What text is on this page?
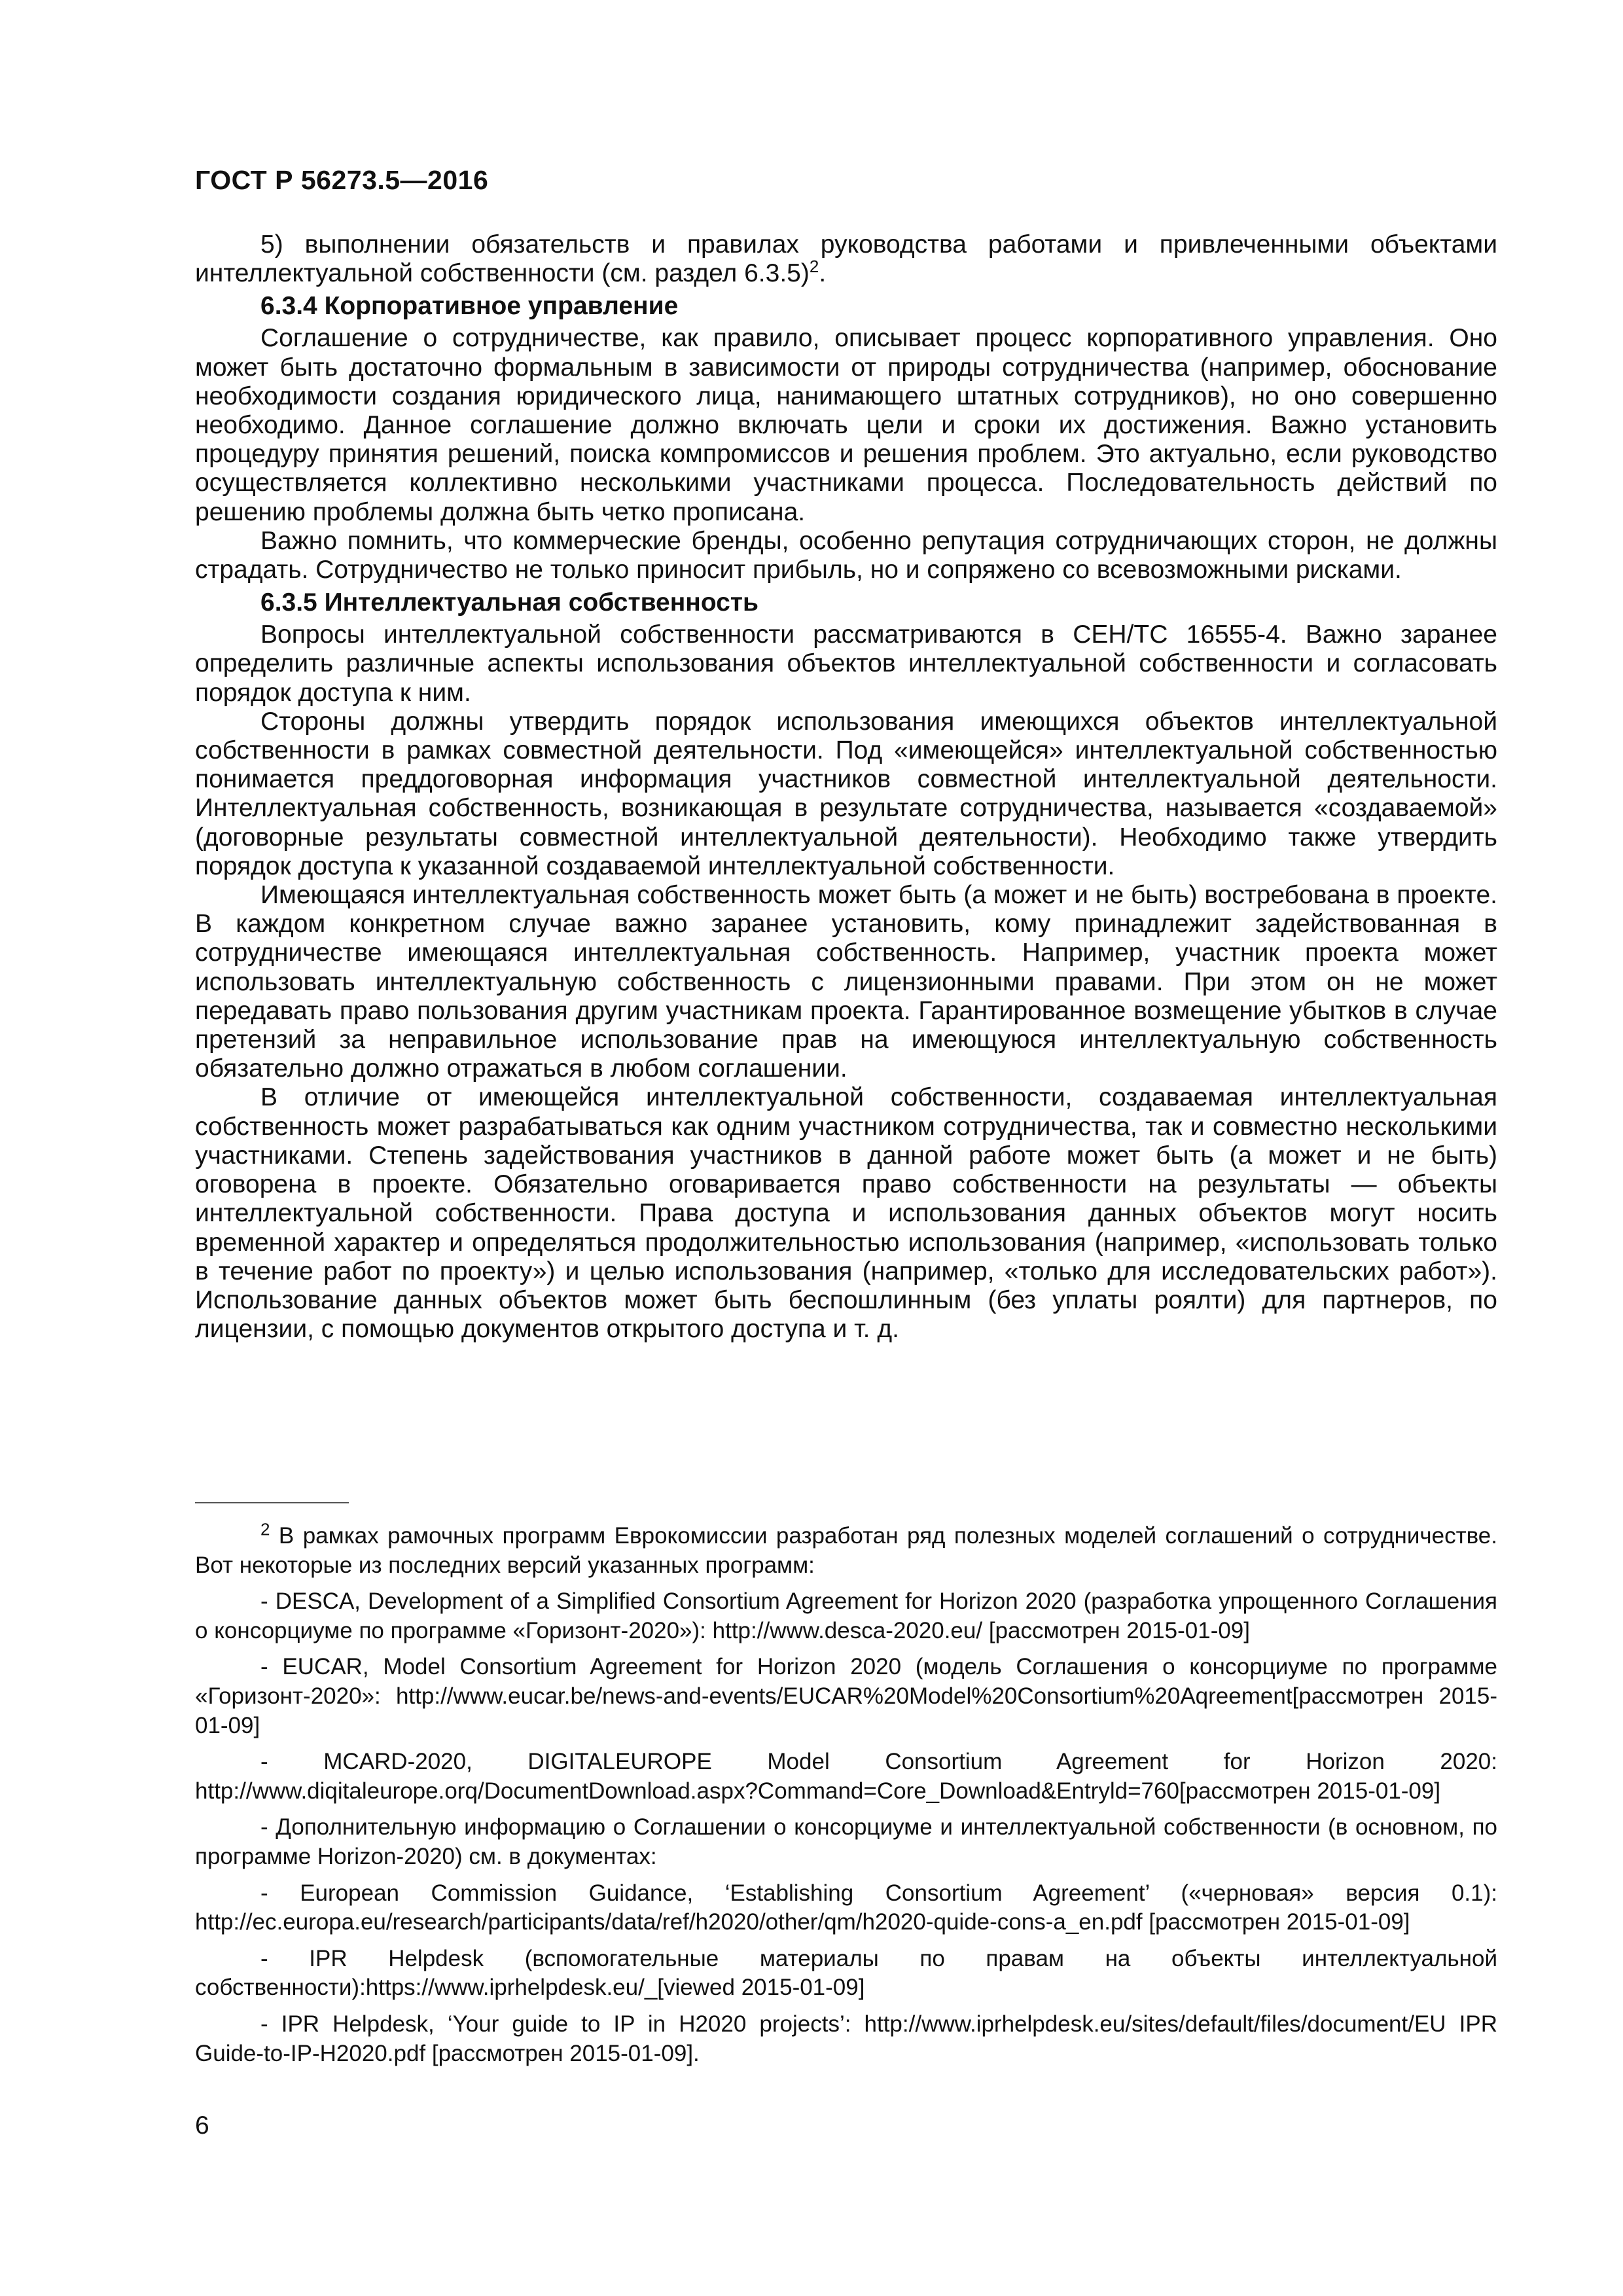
ГОСТ Р 56273.5—2016

5) выполнении обязательств и правилах руководства работами и привлеченными объектами интеллектуальной собственности (см. раздел 6.3.5)$^2$.

6.3.4 Корпоративное управление

Соглашение о сотрудничестве, как правило, описывает процесс корпоративного управления. Оно может быть достаточно формальным в зависимости от природы сотрудничества (например, обоснование необходимости создания юридического лица, нанимающего штатных сотрудников), но оно совершенно необходимо. Данное соглашение должно включать цели и сроки их достижения. Важно установить процедуру принятия решений, поиска компромиссов и решения проблем. Это актуально, если руководство осуществляется коллективно несколькими участниками процесса. Последовательность действий по решению проблемы должна быть четко прописана.

Важно помнить, что коммерческие бренды, особенно репутация сотрудничающих сторон, не должны страдать. Сотрудничество не только приносит прибыль, но и сопряжено со всевозможными рисками.

6.3.5 Интеллектуальная собственность

Вопросы интеллектуальной собственности рассматриваются в CEH/TC 16555-4. Важно заранее определить различные аспекты использования объектов интеллектуальной собственности и согласовать порядок доступа к ним.

Стороны должны утвердить порядок использования имеющихся объектов интеллектуальной собственности в рамках совместной деятельности. Под «имеющейся» интеллектуальной собственностью понимается преддоговорная информация участников совместной интеллектуальной деятельности. Интеллектуальная собственность, возникающая в результате сотрудничества, называется «создаваемой» (договорные результаты совместной интеллектуальной деятельности). Необходимо также утвердить порядок доступа к указанной создаваемой интеллектуальной собственности.

Имеющаяся интеллектуальная собственность может быть (а может и не быть) востребована в проекте. В каждом конкретном случае важно заранее установить, кому принадлежит задействованная в сотрудничестве имеющаяся интеллектуальная собственность. Например, участник проекта может использовать интеллектуальную собственность с лицензионными правами. При этом он не может передавать право пользования другим участникам проекта. Гарантированное возмещение убытков в случае претензий за неправильное использование прав на имеющуюся интеллектуальную собственность обязательно должно отражаться в любом соглашении.

В отличие от имеющейся интеллектуальной собственности, создаваемая интеллектуальная собственность может разрабатываться как одним участником сотрудничества, так и совместно несколькими участниками. Степень задействования участников в данной работе может быть (а может и не быть) оговорена в проекте. Обязательно оговаривается право собственности на результаты — объекты интеллектуальной собственности. Права доступа и использования данных объектов могут носить временной характер и определяться продолжительностью использования (например, «использовать только в течение работ по проекту») и целью использования (например, «только для исследовательских работ»). Использование данных объектов может быть беспошлинным (без уплаты роялти) для партнеров, по лицензии, с помощью документов открытого доступа и т. д.

$^2$ В рамках рамочных программ Еврокомиссии разработан ряд полезных моделей соглашений о сотрудничестве. Вот некоторые из последних версий указанных программ:

- DESCA, Development of a Simplified Consortium Agreement for Horizon 2020 (разработка упрощенного Соглашения о консорциуме по программе «Горизонт-2020»): http://www.desca-2020.eu/ [рассмотрен 2015-01-09]

- EUCAR, Model Consortium Agreement for Horizon 2020 (модель Соглашения о консорциуме по программе «Горизонт-2020»: http://www.eucar.be/news-and-events/EUCAR%20Model%20Consortium%20Aqreement[рассмотрен 2015-01-09]

- MCARD-2020, DIGITALEUROPE Model Consortium Agreement for Horizon 2020: http://www.diqitaleurope.orq/DocumentDownload.aspx?Command=Core_Download&Entryld=760[рассмотрен 2015-01-09]

- Дополнительную информацию о Соглашении о консорциуме и интеллектуальной собственности (в основном, по программе Horizon-2020) см. в документах:

- European Commission Guidance, ‘Establishing Consortium Agreement’ («черновая» версия 0.1): http://ec.europa.eu/research/participants/data/ref/h2020/other/qm/h2020-quide-cons-a_en.pdf [рассмотрен 2015-01-09]

- IPR Helpdesk (вспомогательные материалы по правам на объекты интеллектуальной собственности):https://www.iprhelpdesk.eu/_[viewed 2015-01-09]

- IPR Helpdesk, ‘Your guide to IP in H2020 projects’: http://www.iprhelpdesk.eu/sites/default/files/document/EU IPR Guide-to-IP-H2020.pdf [рассмотрен 2015-01-09].

6
